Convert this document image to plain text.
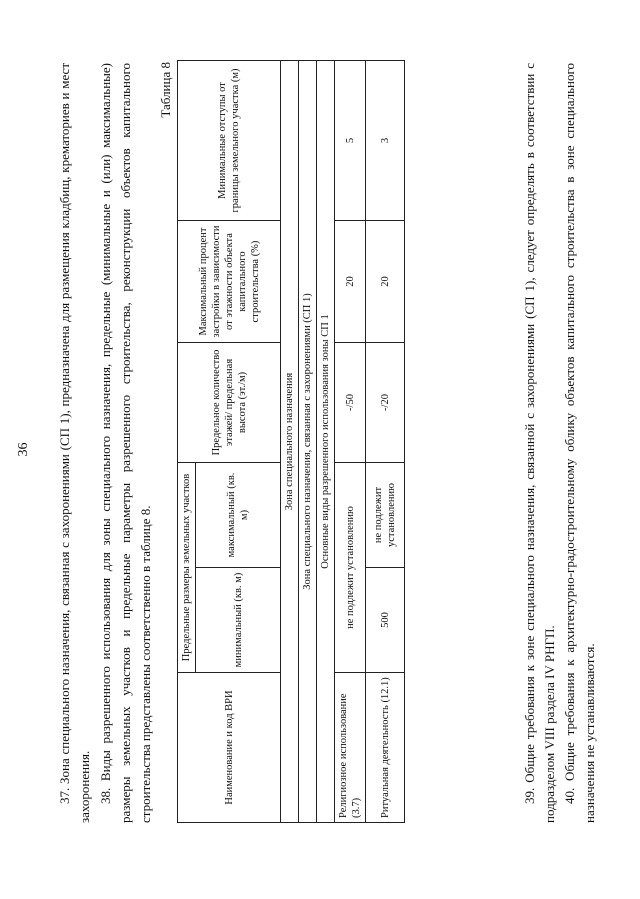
36 37. Зона специального назначения, связанная с захоронениями (СП 1), предназначена для размещения кладбищ, крематориев и мест захоронения. 38. Виды разрешенного использования для зоны специального назначения, предельные (минимальные и (или) максимальные) размеры земельных участков и предельные параметры разрешенного строительства, реконструкции объектов капитального строительства представлены соответственно в таблице 8.

Таблица 8
Наименование и код ВРИ	Предельные размеры земельных участков		Предельное количество этажей/ предельная высота (эт./м)	Максимальный процент застройки в зависимости от этажности объекта капитального строительства (%)	Минимальные отступы от границы земельного участка (м)
	минимальный (кв. м)	максимальный (кв. м)			
Зона специального назначения					
Зона специального назначения, связанная с захоронениями (СП 1)					
Основные виды разрешенного использования зоны СП 1					
Религиозное использование (3.7)	не подлежит установлению		-/50	20	5
Ритуальная деятельность (12.1)	500	не подлежит установлению	-/20	20	3	39. Общие требования к зоне специального назначения, связанной с захоронениями (СП 1), следует определять в соответствии с подразделом VIII раздела IV РНГП. 40. Общие требования к архитектурно-градостроительному облику объектов капитального строительства в зоне специального назначения не устанавливаются.
